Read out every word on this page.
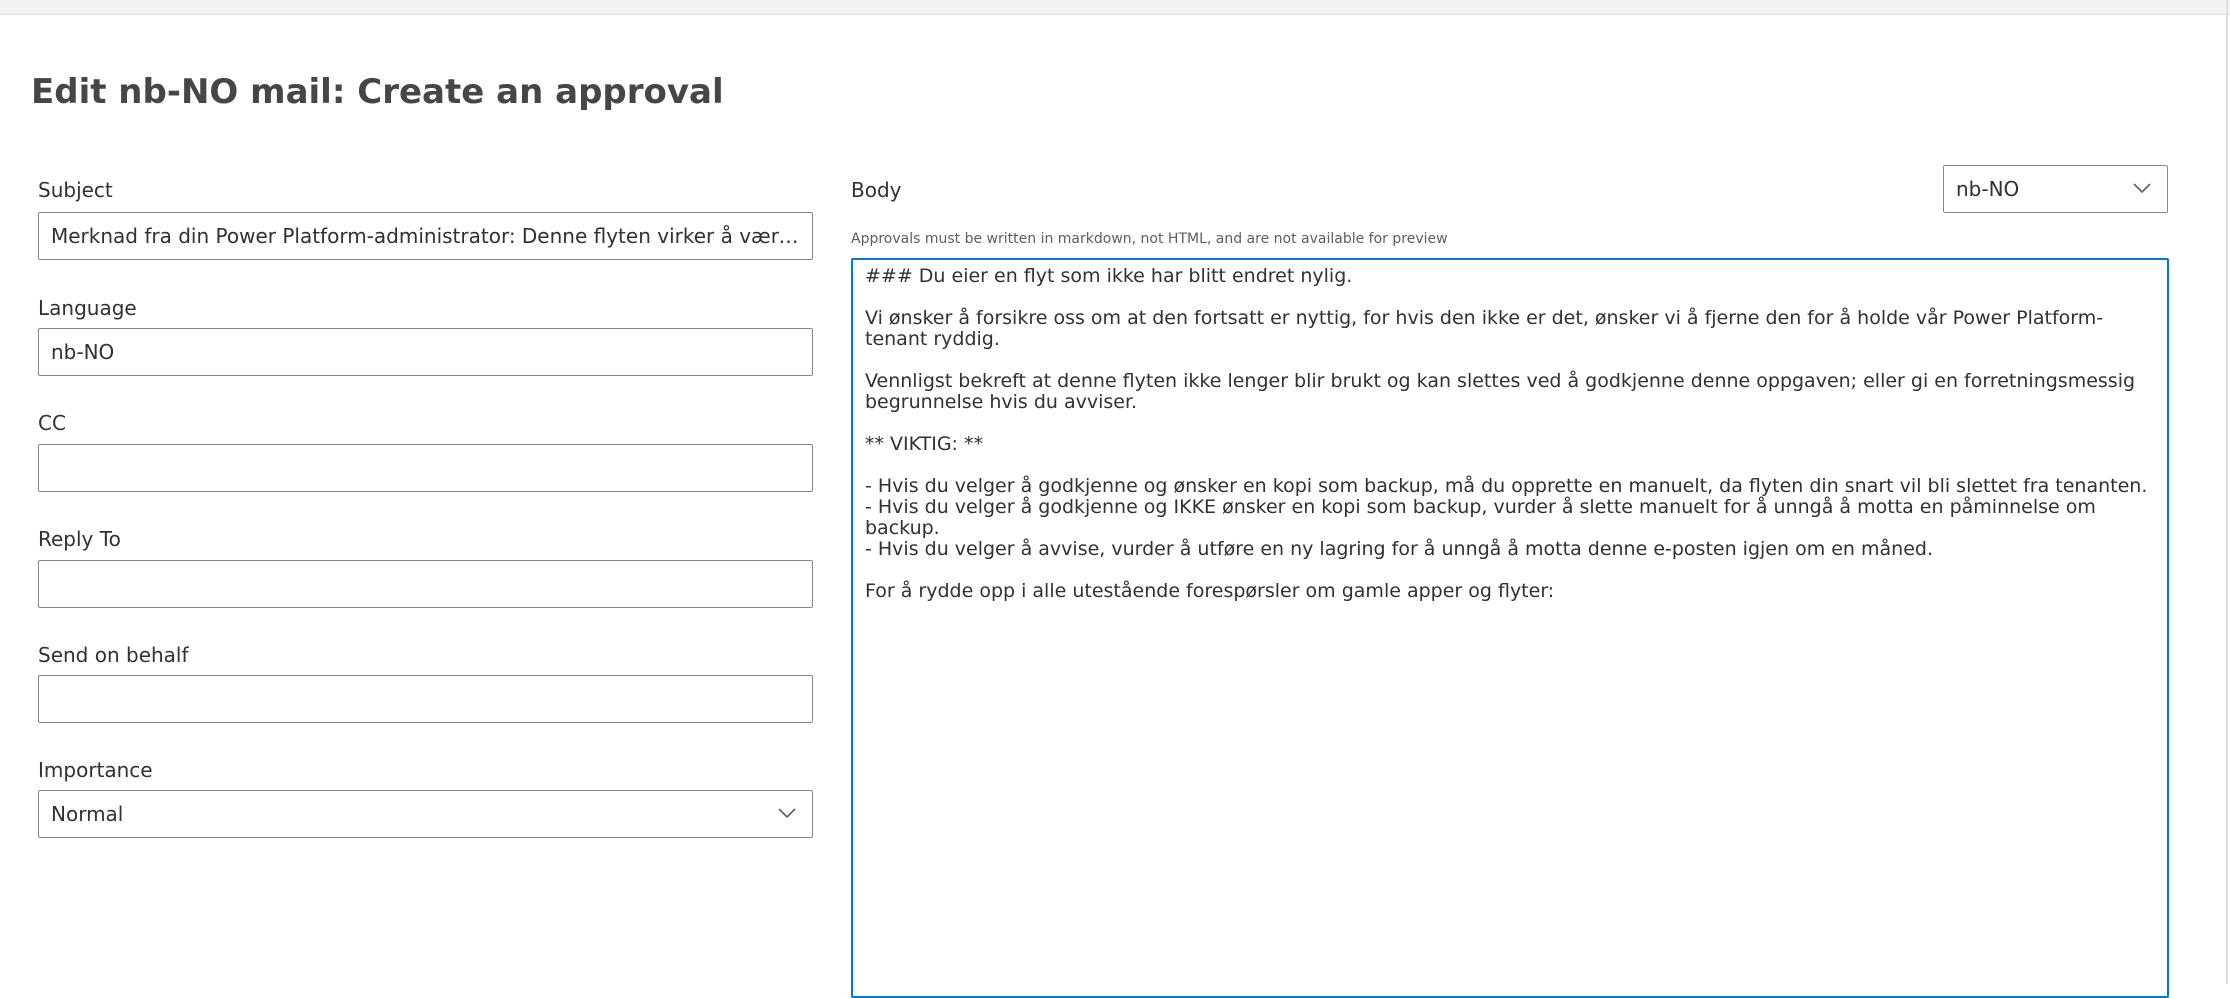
Edit nb-NO mail: Create an approval
Subject
Merknad fra din Power Platform-administrator: Denne flyten virker å være ubru...
Language
nb-NO
CC
Reply To
Send on behalf
Importance
Normal
Body	nb-NO
Approvals must be written in markdown, not HTML, and are not available for preview
### Du eier en flyt som ikke har blitt endret nylig. Vi ønsker å forsikre oss om at den fortsatt er nyttig, for hvis den ikke er det, ønsker vi å fjerne den for å holde vår Power Platform-tenant ryddig. Vennligst bekreft at denne flyten ikke lenger blir brukt og kan slettes ved å godkjenne denne oppgaven; eller gi en forretningsmessig begrunnelse hvis du avviser. ** VIKTIG: ** - Hvis du velger å godkjenne og ønsker en kopi som backup, må du opprette en manuelt, da flyten din snart vil bli slettet fra tenanten. - Hvis du velger å godkjenne og IKKE ønsker en kopi som backup, vurder å slette manuelt for å unngå å motta en påminnelse om backup. - Hvis du velger å avvise, vurder å utføre en ny lagring for å unngå å motta denne e-posten igjen om en måned. For å rydde opp i alle utestående forespørsler om gamle apper og flyter:
